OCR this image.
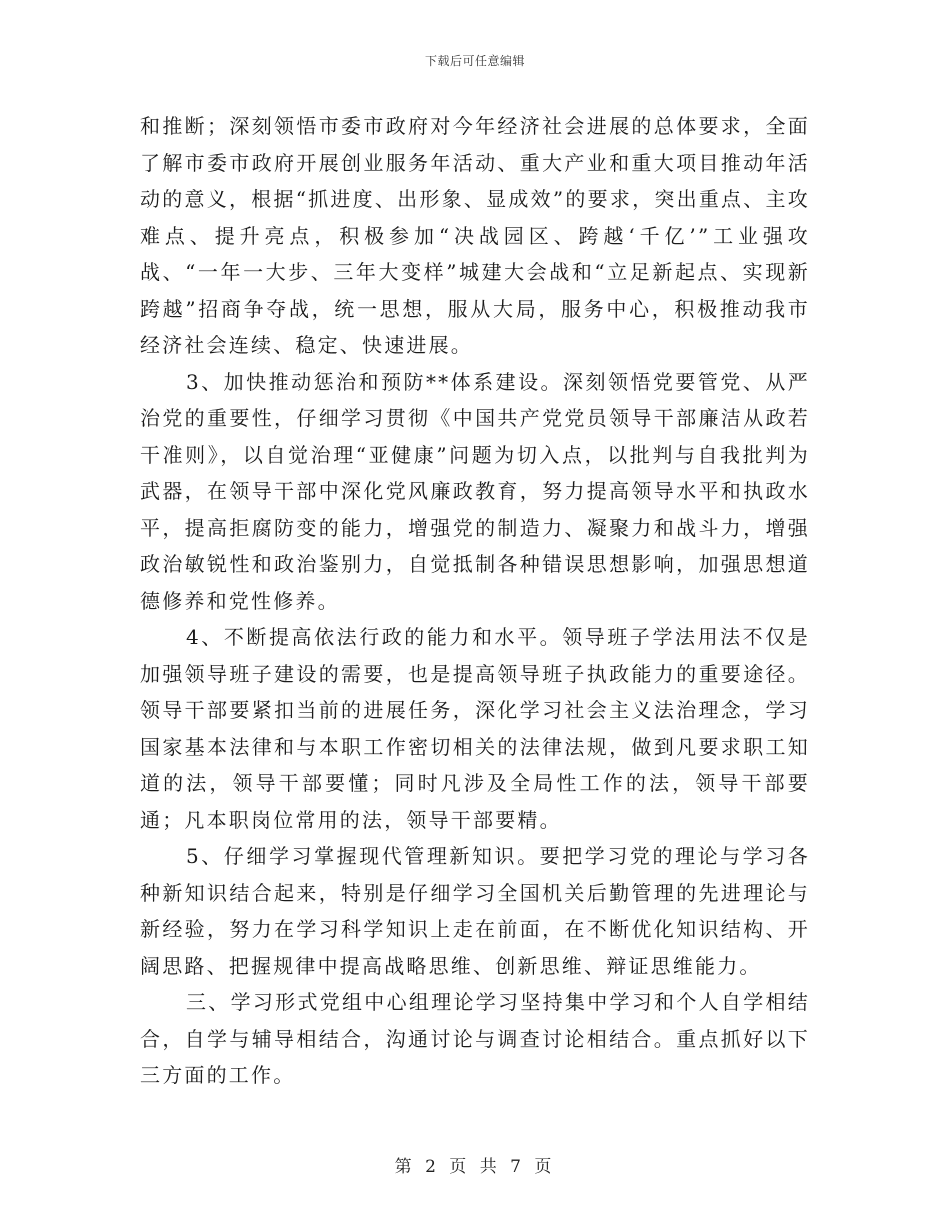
下载后可任意编辑

和推断；深刻领悟市委市政府对今年经济社会进展的总体要求，全面了解市委市政府开展创业服务年活动、重大产业和重大项目推动年活动的意义，根据“抓进度、出形象、显成效”的要求，突出重点、主攻难点、提升亮点，积极参加“决战园区、跨越‘千亿’”工业强攻战、“一年一大步、三年大变样”城建大会战和“立足新起点、实现新跨越”招商争夺战，统一思想，服从大局，服务中心，积极推动我市经济社会连续、稳定、快速进展。

3、加快推动惩治和预防**体系建设。深刻领悟党要管党、从严治党的重要性，仔细学习贯彻《中国共产党党员领导干部廉洁从政若干准则》，以自觉治理“亚健康”问题为切入点，以批判与自我批判为武器，在领导干部中深化党风廉政教育，努力提高领导水平和执政水平，提高拒腐防变的能力，增强党的制造力、凝聚力和战斗力，增强政治敏锐性和政治鉴别力，自觉抵制各种错误思想影响，加强思想道德修养和党性修养。

4、不断提高依法行政的能力和水平。领导班子学法用法不仅是加强领导班子建设的需要，也是提高领导班子执政能力的重要途径。领导干部要紧扣当前的进展任务，深化学习社会主义法治理念，学习国家基本法律和与本职工作密切相关的法律法规，做到凡要求职工知道的法，领导干部要懂；同时凡涉及全局性工作的法，领导干部要通；凡本职岗位常用的法，领导干部要精。

5、仔细学习掌握现代管理新知识。要把学习党的理论与学习各种新知识结合起来，特别是仔细学习全国机关后勤管理的先进理论与新经验，努力在学习科学知识上走在前面，在不断优化知识结构、开阔思路、把握规律中提高战略思维、创新思维、辩证思维能力。

三、学习形式党组中心组理论学习坚持集中学习和个人自学相结合，自学与辅导相结合，沟通讨论与调查讨论相结合。重点抓好以下三方面的工作。

第 2 页 共 7 页
